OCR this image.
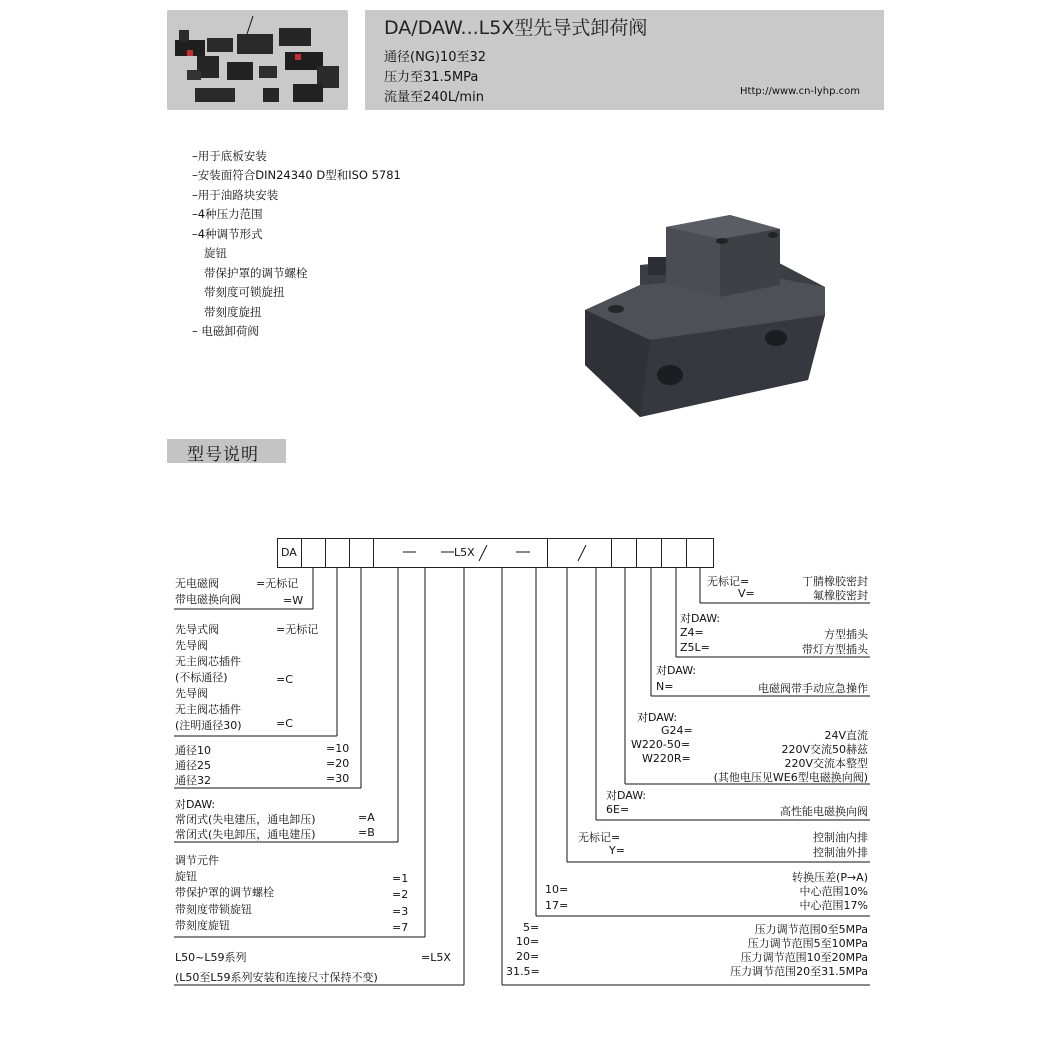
DA/DAW...L5X型先导式卸荷阀
通径(NG)10至32
压力至31.5MPa
流量至240L/min	Http://www.cn-lyhp.com
–用于底板安装
–安装面符合DIN24340 D型和ISO 5781
–用于油路块安装
–4种压力范围
–4种调节形式
旋钮
带保护罩的调节螺栓
带刻度可锁旋扭
带刻度旋扭
– 电磁卸荷阀
型号说明
DA	L5X
无电磁阀	=无标记
带电磁换向阀	=W
先导式阀	=无标记
先导阀
无主阀芯插件
(不标通径)	=C
先导阀
无主阀芯插件
(注明通径30)	=C
通径10	=10
通径25	=20
通径32	=30
对DAW:
常闭式(失电建压，通电卸压)	=A
常闭式(失电卸压，通电建压)	=B
调节元件
旋钮	=1
带保护罩的调节螺栓	=2
带刻度带锁旋钮	=3
带刻度旋钮	=7
L50~L59系列	=L5X
(L50至L59系列安装和连接尺寸保持不变)
无标记=	丁腈橡胶密封
V=	氟橡胶密封
对DAW:
Z4=	方型插头
Z5L=	带灯方型插头
对DAW:
N=	电磁阀带手动应急操作
对DAW:
G24=	24V直流
W220-50=	220V交流50赫兹
W220R=	220V交流本整型
(其他电压见WE6型电磁换向阀)
对DAW:
6E=	高性能电磁换向阀
无标记=	控制油内排
Y=	控制油外排
转换压差(P→A)
10=	中心范围10%
17=	中心范围17%
5=	压力调节范围0至5MPa
10=	压力调节范围5至10MPa
20=	压力调节范围10至20MPa
31.5=	压力调节范围20至31.5MPa
